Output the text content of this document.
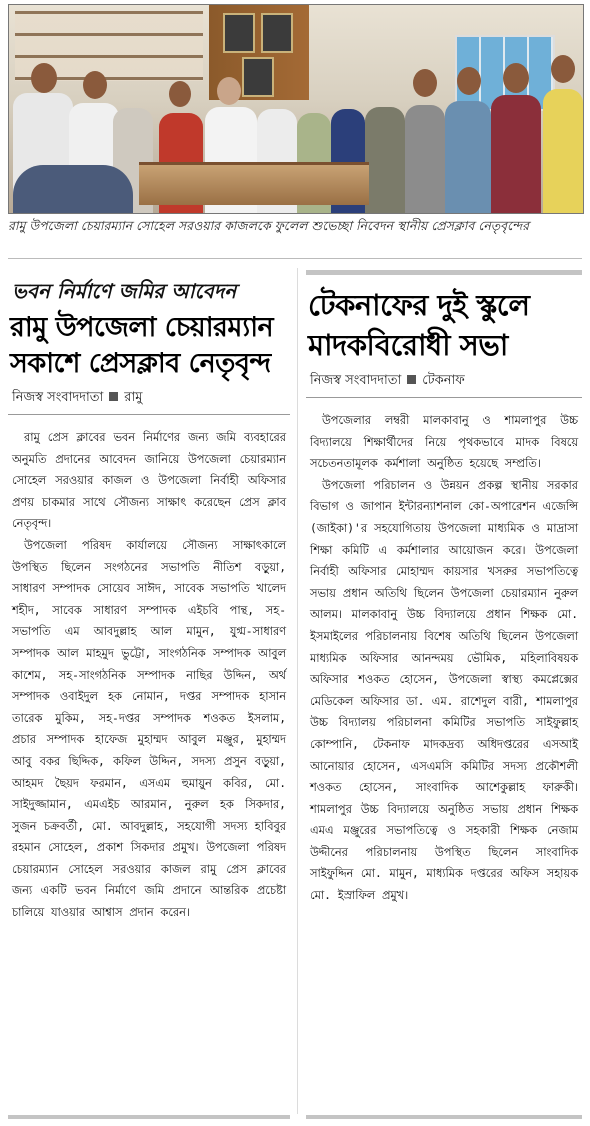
রামু উপজেলা চেয়ারম্যান সোহেল সরওয়ার কাজলকে ফুলেল শুভেচ্ছা নিবেদন স্থানীয় প্রেসক্লাব নেতৃবৃন্দের
ভবন নির্মাণে জমির আবেদন
রামু উপজেলা চেয়ারম্যান সকাশে প্রেসক্লাব নেতৃবৃন্দ
নিজস্ব সংবাদদাতা রামু

রামু প্রেস ক্লাবের ভবন নির্মাণের জন্য জমি ব্যবহারের অনুমতি প্রদানের আবেদন জানিয়ে উপজেলা চেয়ারম্যান সোহেল সরওয়ার কাজল ও উপজেলা নির্বাহী অফিসার প্রণয় চাকমার সাথে সৌজন্য সাক্ষাৎ করেছেন প্রেস ক্লাব নেতৃবৃন্দ।

উপজেলা পরিষদ কার্যালয়ে সৌজন্য সাক্ষাৎকালে উপস্থিত ছিলেন সংগঠনের সভাপতি নীতিশ বড়ুয়া, সাধারণ সম্পাদক সোয়েব সাঈদ, সাবেক সভাপতি খালেদ শহীদ, সাবেক সাধারণ সম্পাদক এইচবি পান্থ, সহ-সভাপতি এম আবদুল্লাহ আল মামুন, যুগ্ম-সাধারণ সম্পাদক আল মাহমুদ ভুট্টো, সাংগঠনিক সম্পাদক আবুল কাশেম, সহ-সাংগঠনিক সম্পাদক নাছির উদ্দিন, অর্থ সম্পাদক ওবাইদুল হক নোমান, দপ্তর সম্পাদক হাসান তারেক মুকিম, সহ-দপ্তর সম্পাদক শওকত ইসলাম, প্রচার সম্পাদক হাফেজ মুহাম্মদ আবুল মঞ্জুর, মুহাম্মদ আবু বকর ছিদ্দিক, কফিল উদ্দিন, সদস্য প্রসুন বড়ুয়া, আহমদ ছৈয়দ ফরমান, এসএম হুমায়ুন কবির, মো. সাইদুজ্জামান, এমএইচ আরমান, নুরুল হক সিকদার, সুজন চক্রবর্তী, মো. আবদুল্লাহ, সহযোগী সদস্য হাবিবুর রহমান সোহেল, প্রকাশ সিকদার প্রমুখ। উপজেলা পরিষদ চেয়ারম্যান সোহেল সরওয়ার কাজল রামু প্রেস ক্লাবের জন্য একটি ভবন নির্মাণে জমি প্রদানে আন্তরিক প্রচেষ্টা চালিয়ে যাওয়ার আশ্বাস প্রদান করেন।

টেকনাফের দুই স্কুলে মাদকবিরোধী সভা
নিজস্ব সংবাদদাতা টেকনাফ

উপজেলার লম্বরী মালকাবানু ও শামলাপুর উচ্চ বিদ্যালয়ে শিক্ষার্থীদের নিয়ে পৃথকভাবে মাদক বিষয়ে সচেতনতামূলক কর্মশালা অনুষ্ঠিত হয়েছে সম্প্রতি।

উপজেলা পরিচালন ও উন্নয়ন প্রকল্প স্থানীয় সরকার বিভাগ ও জাপান ইন্টারন্যাশনাল কো-অপারেশন এজেন্সি (জাইকা)'র সহযোগিতায় উপজেলা মাধ্যমিক ও মাদ্রাসা শিক্ষা কমিটি এ কর্মশালার আয়োজন করে। উপজেলা নির্বাহী অফিসার মোহাম্মদ কায়সার খসরুর সভাপতিত্বে সভায় প্রধান অতিথি ছিলেন উপজেলা চেয়ারম্যান নুরুল আলম। মালকাবানু উচ্চ বিদ্যালয়ে প্রধান শিক্ষক মো. ইসমাইলের পরিচালনায় বিশেষ অতিথি ছিলেন উপজেলা মাধ্যমিক অফিসার আনন্দময় ভৌমিক, মহিলাবিষয়ক অফিসার শওকত হোসেন, উপজেলা স্বাস্থ্য কমপ্লেক্সের মেডিকেল অফিসার ডা. এম. রাশেদুল বারী, শামলাপুর উচ্চ বিদ্যালয় পরিচালনা কমিটির সভাপতি সাইফুল্লাহ কোম্পানি, টেকনাফ মাদকদ্রব্য অধিদপ্তরের এসআই আনোয়ার হোসেন, এসএমসি কমিটির সদস্য প্রকৌশলী শওকত হোসেন, সাংবাদিক আশেকুল্লাহ ফারুকী। শামলাপুর উচ্চ বিদ্যালয়ে অনুষ্ঠিত সভায় প্রধান শিক্ষক এমএ মঞ্জুরের সভাপতিত্বে ও সহকারী শিক্ষক নেজাম উদ্দীনের পরিচালনায় উপস্থিত ছিলেন সাংবাদিক সাইফুদ্দিন মো. মামুন, মাধ্যমিক দপ্তরের অফিস সহায়ক মো. ইস্রাফিল প্রমুখ।
